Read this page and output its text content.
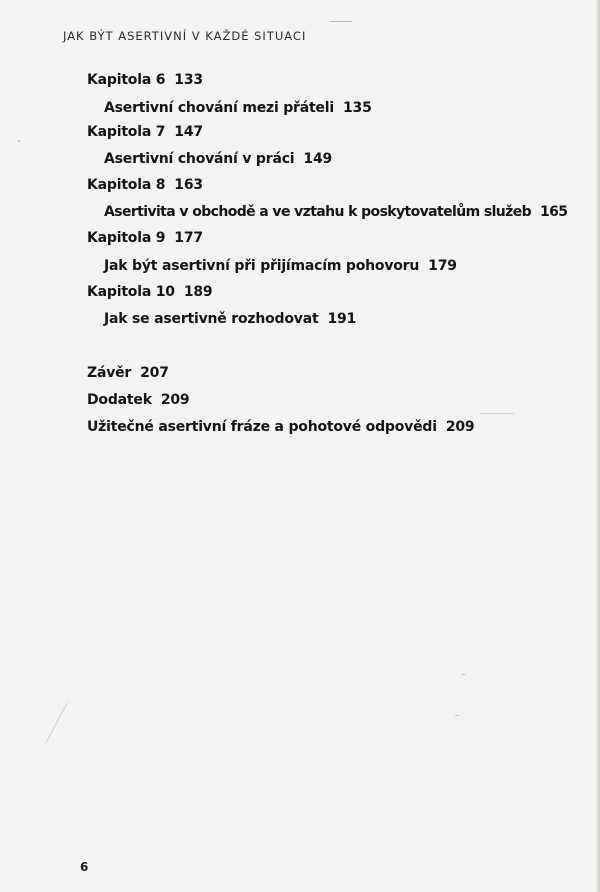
JAK BÝT ASERTIVNÍ V KAŽDÉ SITUACI
Kapitola 6 133
Asertivní chování mezi přáteli 135
Kapitola 7 147
Asertivní chování v práci 149
Kapitola 8 163
Asertivita v obchodě a ve vztahu k poskytovatelům služeb 165
Kapitola 9 177
Jak být asertivní při přijímacím pohovoru 179
Kapitola 10 189
Jak se asertivně rozhodovat 191
Závěr 207
Dodatek 209
Užitečné asertivní fráze a pohotové odpovědi 209
6
